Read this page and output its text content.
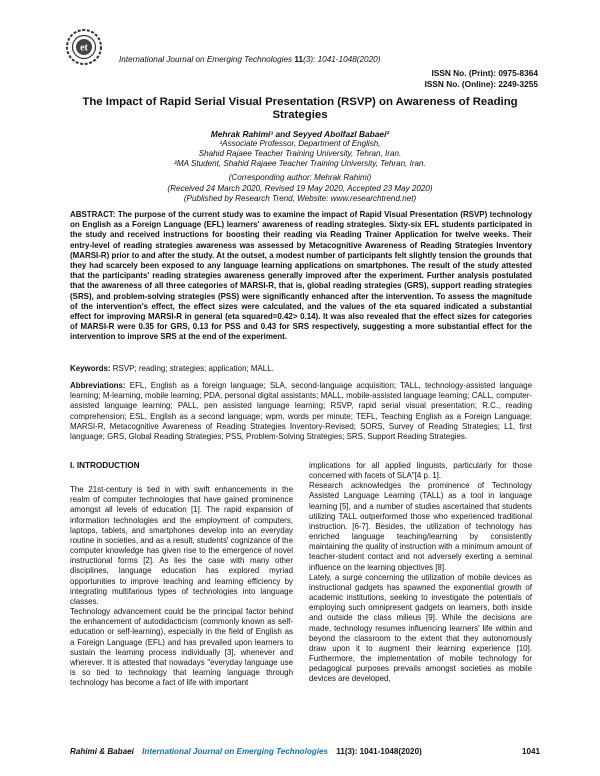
et
International Journal on Emerging Technologies 11(3): 1041-1048(2020)
ISSN No. (Print): 0975-8364
ISSN No. (Online): 2249-3255
The Impact of Rapid Serial Visual Presentation (RSVP) on Awareness of Reading Strategies
Mehrak Rahimi¹ and Seyyed Abolfazl Babaei²
¹Associate Professor, Department of English,
Shahid Rajaee Teacher Training University, Tehran, Iran.
²MA Student, Shahid Rajaee Teacher Training University, Tehran, Iran.
(Corresponding author: Mehrak Rahimi)
(Received 24 March 2020, Revised 19 May 2020, Accepted 23 May 2020)
(Published by Research Trend, Website: www.researchtrend.net)
ABSTRACT: The purpose of the current study was to examine the impact of Rapid Visual Presentation (RSVP) technology on English as a Foreign Language (EFL) learners' awareness of reading strategies. Sixty-six EFL students participated in the study and received instructions for boosting their reading via Reading Trainer Application for twelve weeks. Their entry-level of reading strategies awareness was assessed by Metacognitive Awareness of Reading Strategies Inventory (MARSI-R) prior to and after the study. At the outset, a modest number of participants felt slightly tension the grounds that they had scarcely been exposed to any language learning applications on smartphones. The result of the study attested that the participants' reading strategies awareness generally improved after the experiment. Further analysis postulated that the awareness of all three categories of MARSI-R, that is, global reading strategies (GRS), support reading strategies (SRS), and problem-solving strategies (PSS) were significantly enhanced after the intervention. To assess the magnitude of the intervention's effect, the effect sizes were calculated, and the values of the eta squared indicated a substantial effect for improving MARSI-R in general (eta squared=0.42> 0.14). It was also revealed that the effect sizes for categories of MARSI-R were 0.35 for GRS, 0.13 for PSS and 0.43 for SRS respectively, suggesting a more substantial effect for the intervention to improve SRS at the end of the experiment.
Keywords: RSVP; reading; strategies; application; MALL.
Abbreviations: EFL, English as a foreign language; SLA, second-language acquisition; TALL, technology-assisted language learning; M-learning, mobile learning; PDA, personal digital assistants; MALL, mobile-assisted language learning; CALL, computer-assisted language learning; PALL, pen assisted language learning; RSVP, rapid serial visual presentation; R.C., reading comprehension; ESL, English as a second language; wpm, words per minute; TEFL, Teaching English as a Foreign Language; MARSI-R, Metacognitive Awareness of Reading Strategies Inventory-Revised; SORS, Survey of Reading Strategies; L1, first language; GRS, Global Reading Strategies; PSS, Problem-Solving Strategies; SRS, Support Reading Strategies.
I. INTRODUCTION

The 21st-century is tied in with swift enhancements in the realm of computer technologies that have gained prominence amongst all levels of education [1]. The rapid expansion of information technologies and the employment of computers, laptops, tablets, and smartphones develop into an everyday routine in societies, and as a result, students' cognizance of the computer knowledge has given rise to the emergence of novel instructional forms [2]. As lies the case with many other disciplines, language education has explored myriad opportunities to improve teaching and learning efficiency by integrating multifarious types of technologies into language classes.

Technology advancement could be the principal factor behind the enhancement of autodidacticism (commonly known as self-education or self-learning), especially in the field of English as a Foreign Language (EFL) and has prevailed upon learners to sustain the learning process individually [3], whenever and wherever. It is attested that nowadays "everyday language use is so tied to technology that learning language through technology has become a fact of life with important

implications for all applied linguists, particularly for those concerned with facets of SLA"[4 p. 1].

Research acknowledges the prominence of Technology Assisted Language Learning (TALL) as a tool in language learning [5], and a number of studies ascertained that students utilizing TALL outperformed those who experienced traditional instruction. [6-7]. Besides, the utilization of technology has enriched language teaching/learning by consistently maintaining the quality of instruction with a minimum amount of teacher-student contact and not adversely exerting a seminal influence on the learning objectives [8].

Lately, a surge concerning the utilization of mobile devices as instructional gadgets has spawned the exponential growth of academic institutions, seeking to investigate the potentials of employing such omnipresent gadgets on learners, both inside and outside the class milieus [9]. While the decisions are made, technology resumes influencing learners' life within and beyond the classroom to the extent that they autonomously draw upon it to augment their learning experience [10]. Furthermore, the implementation of mobile technology for pedagogical purposes prevails amongst societies as mobile devices are developed,

Rahimi & Babaei International Journal on Emerging Technologies 11(3): 1041-1048(2020)	1041
